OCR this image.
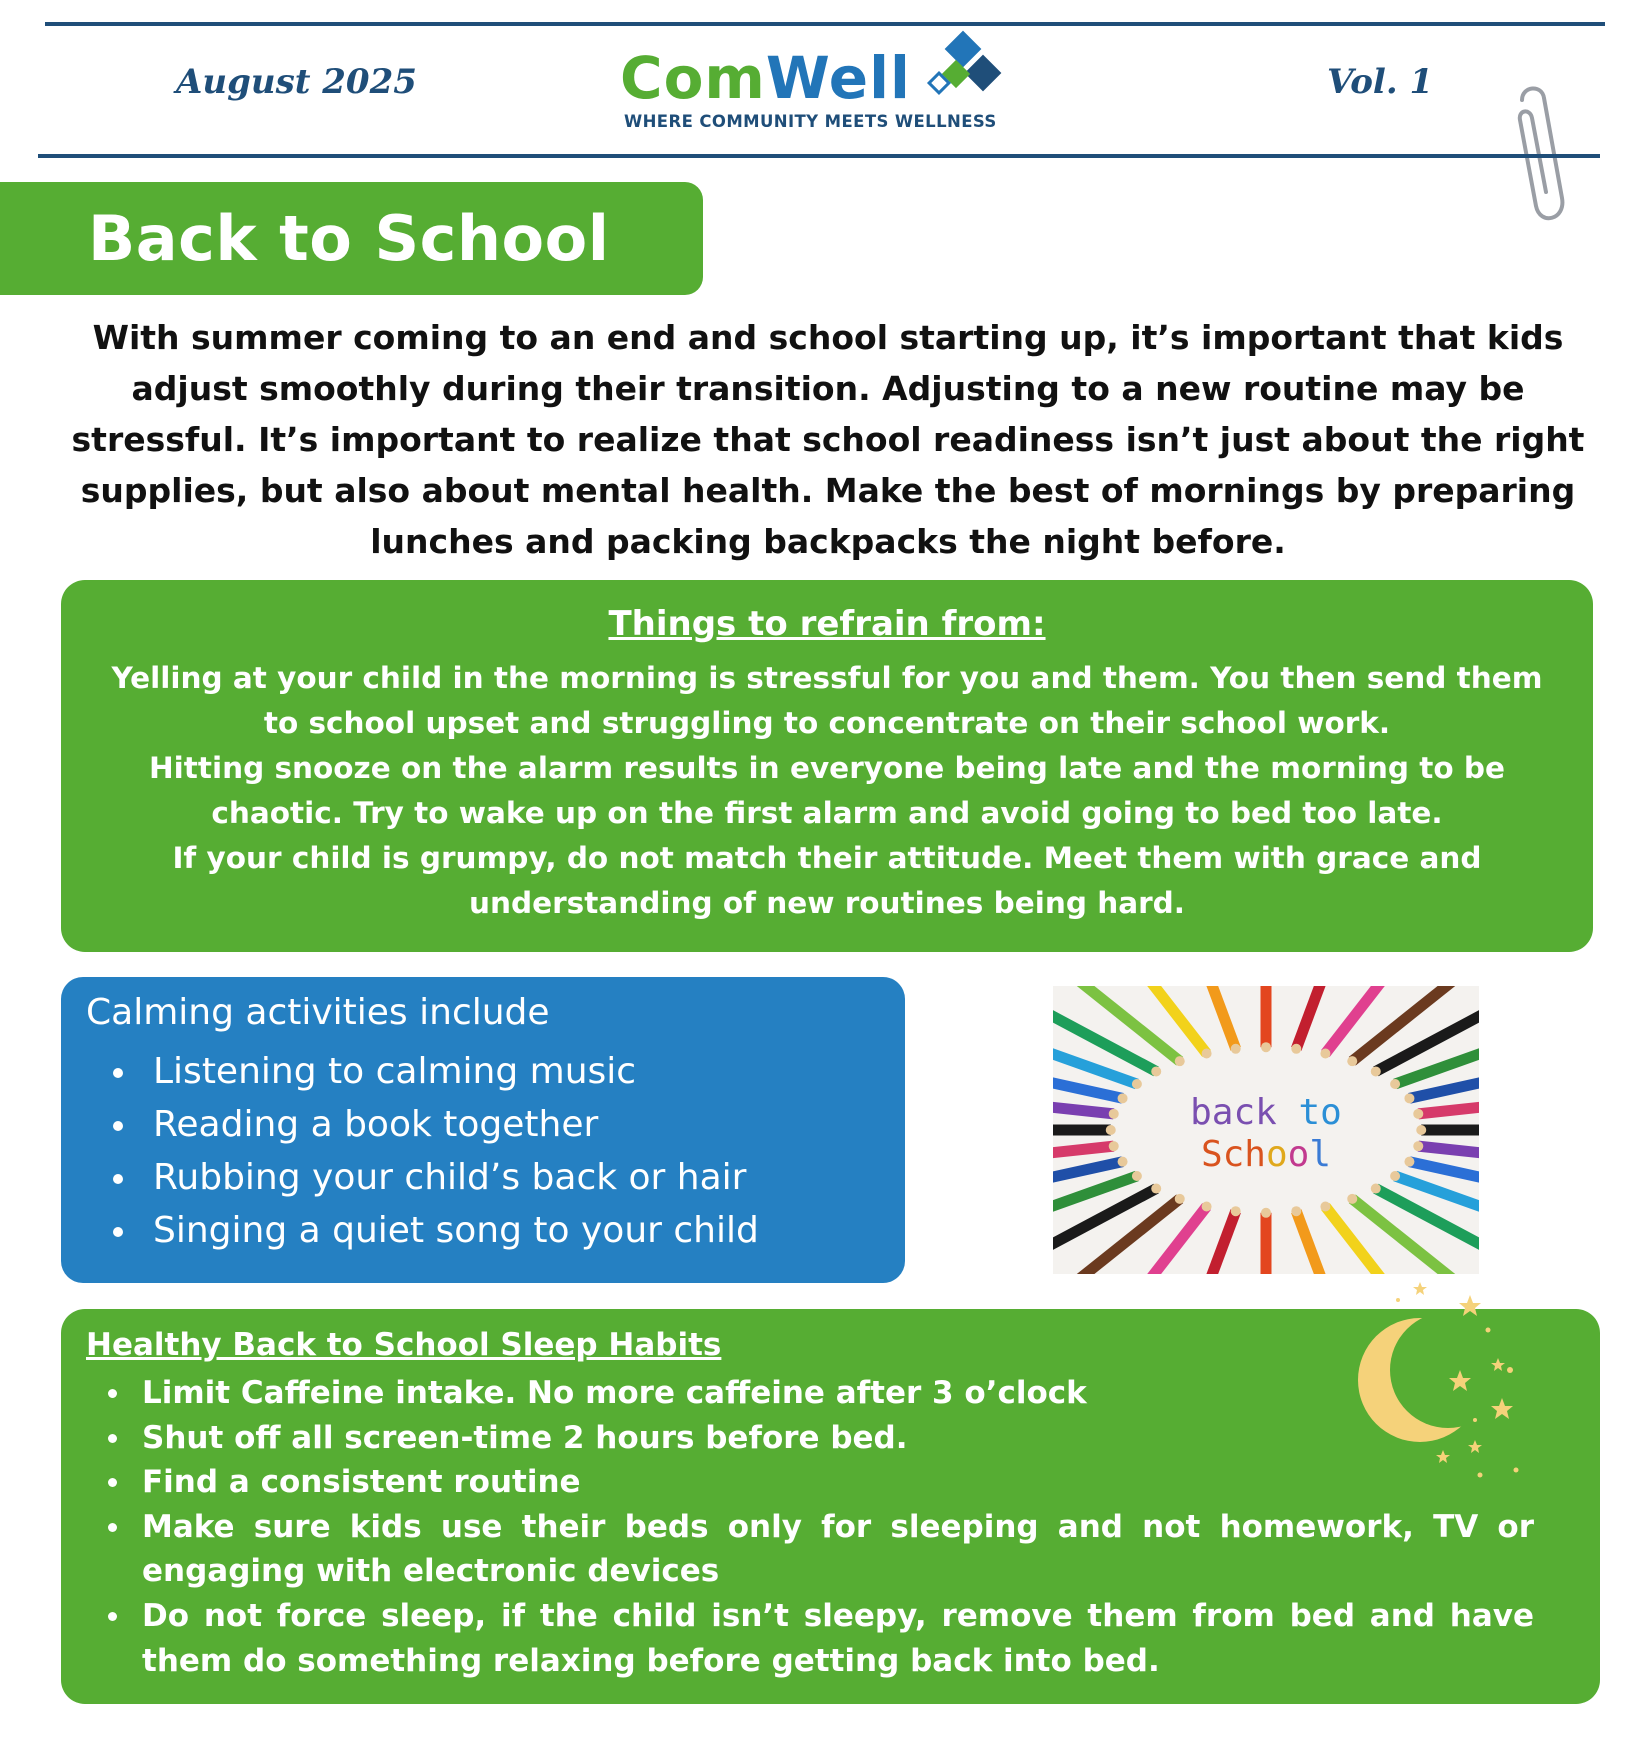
August 2025	ComWell
WHERE COMMUNITY MEETS WELLNESS
Vol. 1
Back to School
With summer coming to an end and school starting up, it’s important that kids adjust smoothly during their transition. Adjusting to a new routine may be stressful. It’s important to realize that school readiness isn’t just about the right supplies, but also about mental health. Make the best of mornings by preparing lunches and packing backpacks the night before.
Things to refrain from:
Yelling at your child in the morning is stressful for you and them. You then send them to school upset and struggling to concentrate on their school work.
Hitting snooze on the alarm results in everyone being late and the morning to be chaotic. Try to wake up on the first alarm and avoid going to bed too late.
If your child is grumpy, do not match their attitude. Meet them with grace and understanding of new routines being hard.
Calming activities include
Listening to calming music
Reading a book together
Rubbing your child’s back or hair
Singing a quiet song to your child
back to
School
Healthy Back to School Sleep Habits
Limit Caffeine intake. No more caffeine after 3 o’clock
Shut off all screen-time 2 hours before bed.
Find a consistent routine
Make sure kids use their beds only for sleeping and not homework, TV or engaging with electronic devices
Do not force sleep, if the child isn’t sleepy, remove them from bed and have them do something relaxing before getting back into bed.
